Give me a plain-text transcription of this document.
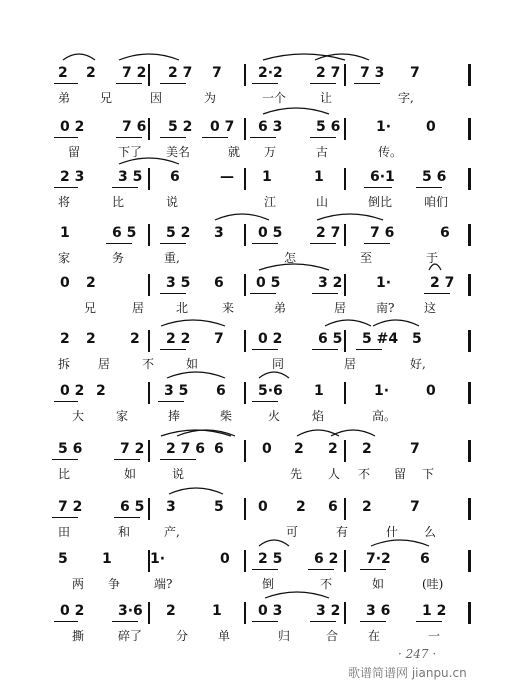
2 2 7 2 2 7 7	2·2 2 7 7 3 7
弟 兄	因	为	一个	让	字,
0 2	7 6 5 2 0 7 6 3 5 6	1· 0
留	下了 美名	就 万	古	传。
2 3 3 5 6	— 1	1	6·1 5 6
将	比	说	江	山	倒比	咱们
1	6 5 5 2 3 0 5 2 7 7 6	6
家	务	重,	怎	至	于
0 2	3 5 6 0 5	3 2 1·	2 7
兄	居	北	来	弟	居 南? 这
2 2 2 2 2 7 0 2	6 5 5 #4 5
拆 居	不	如	同	居	好,
0 2 2	3 5 6 5·6 1	1·	0
大	家	捧	柴	火	焰	高。
5 6	7 2 2 7 6 6	0 2 2 2	7
比	如	说	先 人 不 留 下
7 2	6 5 3	5 0 2 6 2	7
田	和	产,	可	有	什 么
5 1	1·	0 2 5 6 2 7·2 6
两 争	端?	倒	不	如	(哇)
0 2 3·6 2	1	0 3 3 2 3 6 1 2
撕	碎了	分 单	归	合 在	一
· 247 ·
歌谱简谱网 jianpu.cn
